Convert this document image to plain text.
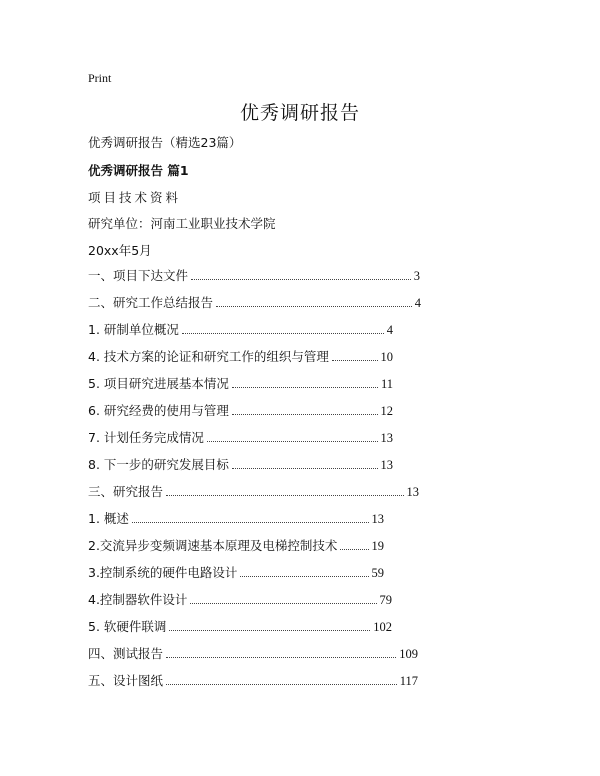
Print
优秀调研报告
优秀调研报告（精选23篇）
优秀调研报告 篇1
项目技术资料
研究单位：河南工业职业技术学院
20xx年5月
一、项目下达文件	3
二、研究工作总结报告	4
1. 研制单位概况	4
4. 技术方案的论证和研究工作的组织与管理	10
5. 项目研究进展基本情况	11
6. 研究经费的使用与管理	12
7. 计划任务完成情况	13
8. 下一步的研究发展目标	13
三、研究报告	13
1. 概述	13
2.交流异步变频调速基本原理及电梯控制技术	19
3.控制系统的硬件电路设计	59
4.控制器软件设计	79
5. 软硬件联调	102
四、测试报告	109
五、设计图纸	117
